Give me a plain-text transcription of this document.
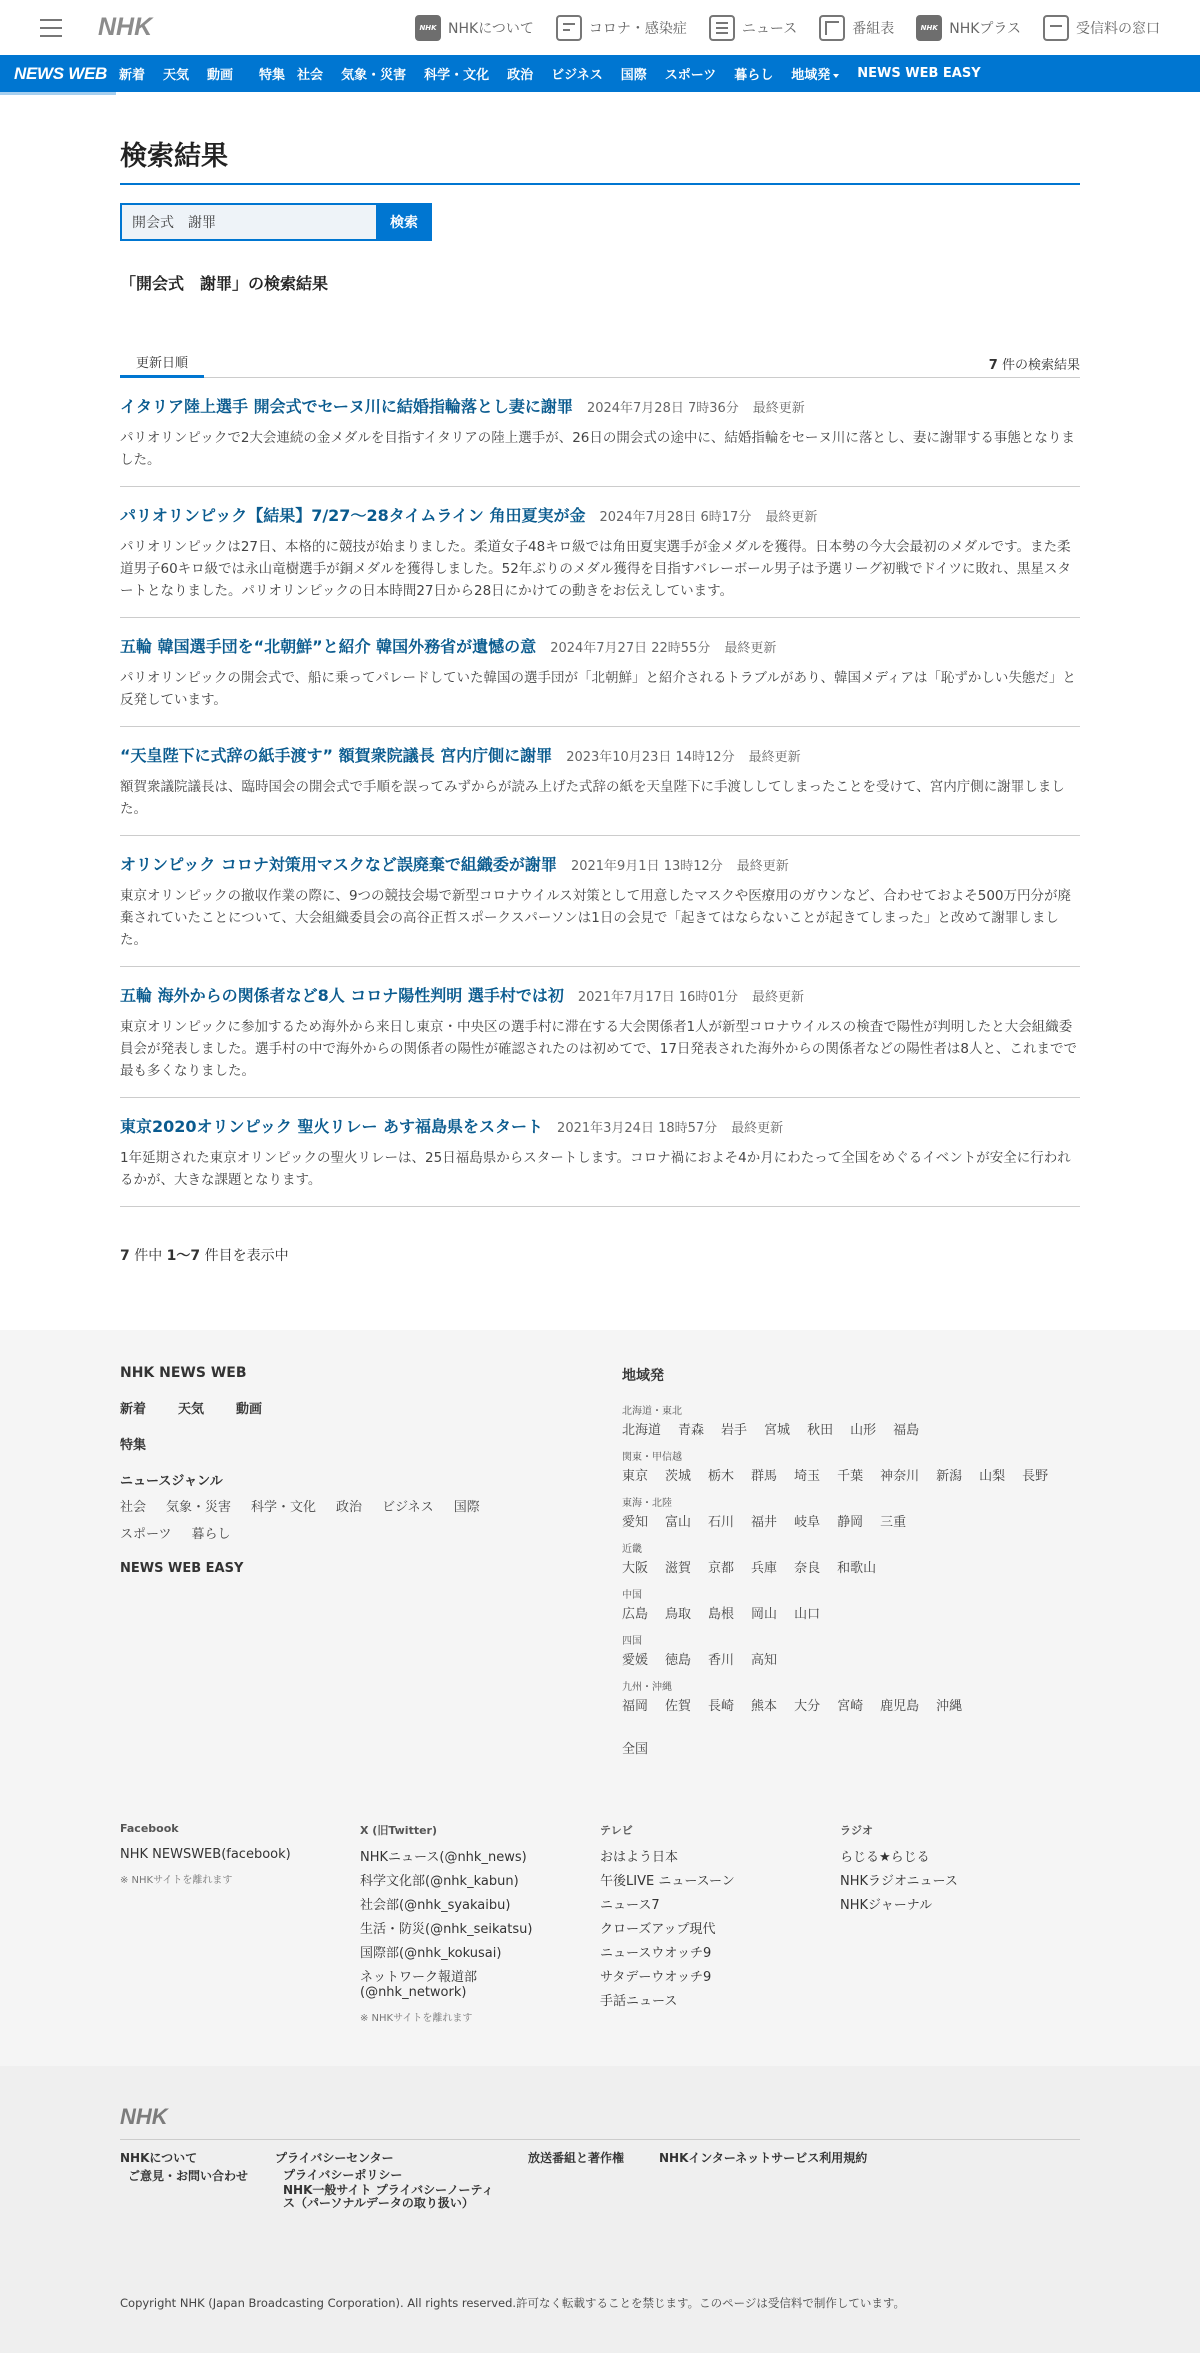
NHK	NHK NHKについて	コロナ・感染症	ニュース	番組表	NHK NHKプラス	受信料の窓口
NEWS WEB 新着 天気 動画 特集 社会 気象・災害 科学・文化 政治 ビジネス 国際 スポーツ 暮らし 地域発	NEWS WEB EASY
検索結果
開会式　謝罪
検索
「開会式　謝罪」の検索結果
更新日順	7 件の検索結果
イタリア陸上選手 開会式でセーヌ川に結婚指輪落とし妻に謝罪 2024年7月28日 7時36分 最終更新

パリオリンピックで2大会連続の金メダルを目指すイタリアの陸上選手が、26日の開会式の途中に、結婚指輪をセーヌ川に落とし、妻に謝罪する事態となりました。

パリオリンピック【結果】7/27〜28タイムライン 角田夏実が金 2024年7月28日 6時17分 最終更新

パリオリンピックは27日、本格的に競技が始まりました。柔道女子48キロ級では角田夏実選手が金メダルを獲得。日本勢の今大会最初のメダルです。また柔道男子60キロ級では永山竜樹選手が銅メダルを獲得しました。52年ぶりのメダル獲得を目指すバレーボール男子は予選リーグ初戦でドイツに敗れ、黒星スタートとなりました。パリオリンピックの日本時間27日から28日にかけての動きをお伝えしています。

五輪 韓国選手団を“北朝鮮”と紹介 韓国外務省が遺憾の意 2024年7月27日 22時55分 最終更新

パリオリンピックの開会式で、船に乗ってパレードしていた韓国の選手団が「北朝鮮」と紹介されるトラブルがあり、韓国メディアは「恥ずかしい失態だ」と反発しています。

“天皇陛下に式辞の紙手渡す” 額賀衆院議長 宮内庁側に謝罪 2023年10月23日 14時12分 最終更新

額賀衆議院議長は、臨時国会の開会式で手順を誤ってみずからが読み上げた式辞の紙を天皇陛下に手渡ししてしまったことを受けて、宮内庁側に謝罪しました。

オリンピック コロナ対策用マスクなど誤廃棄で組織委が謝罪 2021年9月1日 13時12分 最終更新

東京オリンピックの撤収作業の際に、9つの競技会場で新型コロナウイルス対策として用意したマスクや医療用のガウンなど、合わせておよそ500万円分が廃棄されていたことについて、大会組織委員会の高谷正哲スポークスパーソンは1日の会見で「起きてはならないことが起きてしまった」と改めて謝罪しました。

五輪 海外からの関係者など8人 コロナ陽性判明 選手村では初 2021年7月17日 16時01分 最終更新

東京オリンピックに参加するため海外から来日し東京・中央区の選手村に滞在する大会関係者1人が新型コロナウイルスの検査で陽性が判明したと大会組織委員会が発表しました。選手村の中で海外からの関係者の陽性が確認されたのは初めてで、17日発表された海外からの関係者などの陽性者は8人と、これまでで最も多くなりました。

東京2020オリンピック 聖火リレー あす福島県をスタート 2021年3月24日 18時57分 最終更新

1年延期された東京オリンピックの聖火リレーは、25日福島県からスタートします。コロナ禍におよそ4か月にわたって全国をめぐるイベントが安全に行われるかが、大きな課題となります。

7 件中 1〜7 件目を表示中
NHK NEWS WEB
新着 天気 動画
特集
ニュースジャンル
社会 気象・災害 科学・文化 政治 ビジネス 国際
スポーツ 暮らし
NEWS WEB EASY
地域発
北海道・東北
北海道 青森 岩手 宮城 秋田 山形 福島
関東・甲信越
東京 茨城 栃木 群馬 埼玉 千葉 神奈川 新潟 山梨 長野
東海・北陸
愛知 富山 石川 福井 岐阜 静岡 三重
近畿
大阪 滋賀 京都 兵庫 奈良 和歌山
中国
広島 鳥取 島根 岡山 山口
四国
愛媛 徳島 香川 高知
九州・沖縄
福岡 佐賀 長崎 熊本 大分 宮崎 鹿児島 沖縄
全国
Facebook
NHK NEWSWEB(facebook)
※ NHKサイトを離れます
X (旧Twitter)
NHKニュース(@nhk_news)
科学文化部(@nhk_kabun)
社会部(@nhk_syakaibu)
生活・防災(@nhk_seikatsu)
国際部(@nhk_kokusai)
ネットワーク報道部(@nhk_network)
※ NHKサイトを離れます
テレビ
おはよう日本
午後LIVE ニュースーン
ニュース7
クローズアップ現代
ニュースウオッチ9
サタデーウオッチ9
手話ニュース
ラジオ
らじる★らじる
NHKラジオニュース
NHKジャーナル
NHK
NHKについて
ご意見・お問い合わせ
プライバシーセンター
プライバシーポリシー
NHK一般サイト プライバシーノーティス（パーソナルデータの取り扱い）
放送番組と著作権	NHKインターネットサービス利用規約

Copyright NHK (Japan Broadcasting Corporation). All rights reserved.許可なく転載することを禁じます。このページは受信料で制作しています。
